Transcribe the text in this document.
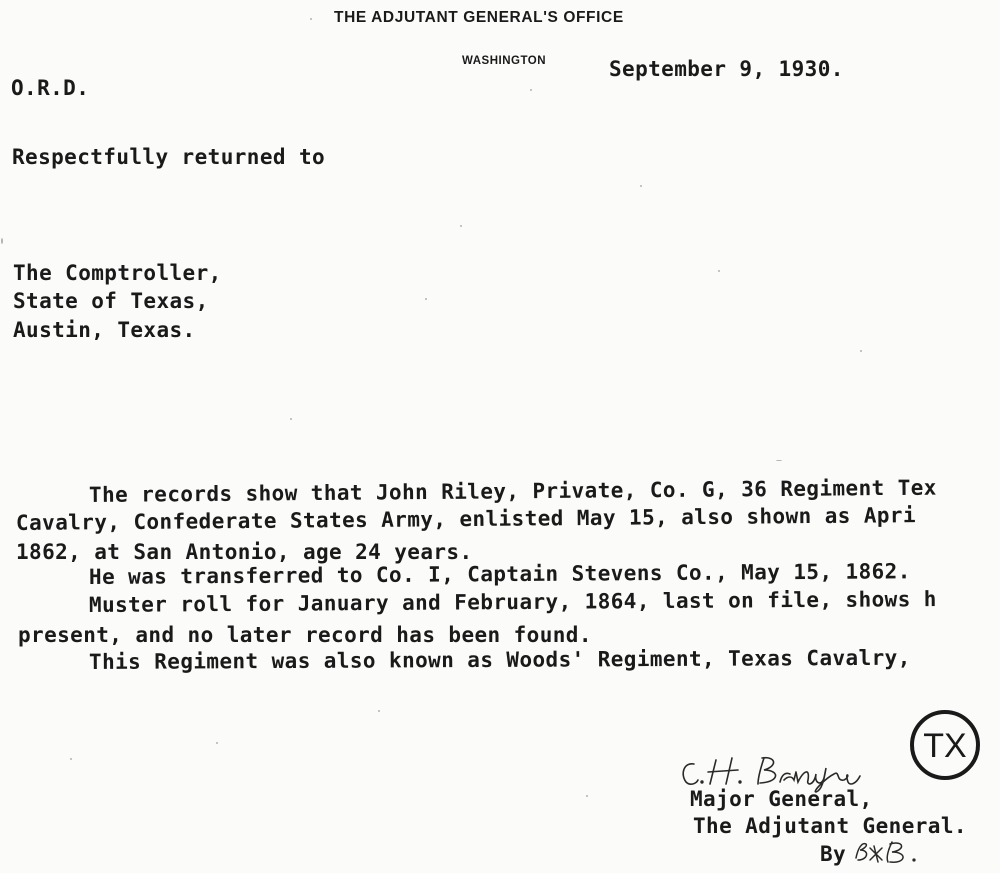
THE ADJUTANT GENERAL'S OFFICE
WASHINGTON	September 9, 1930.
O.R.D.
Respectfully returned to
The Comptroller,
State of Texas,
Austin, Texas.
The records show that John Riley, Private, Co. G, 36 Regiment Tex
Cavalry, Confederate States Army, enlisted May 15, also shown as Apri
1862, at San Antonio, age 24 years.
He was transferred to Co. I, Captain Stevens Co., May 15, 1862.
Muster roll for January and February, 1864, last on file, shows h
present, and no later record has been found.
This Regiment was also known as Woods' Regiment, Texas Cavalry,
TX
Major General,
The Adjutant General.
By
